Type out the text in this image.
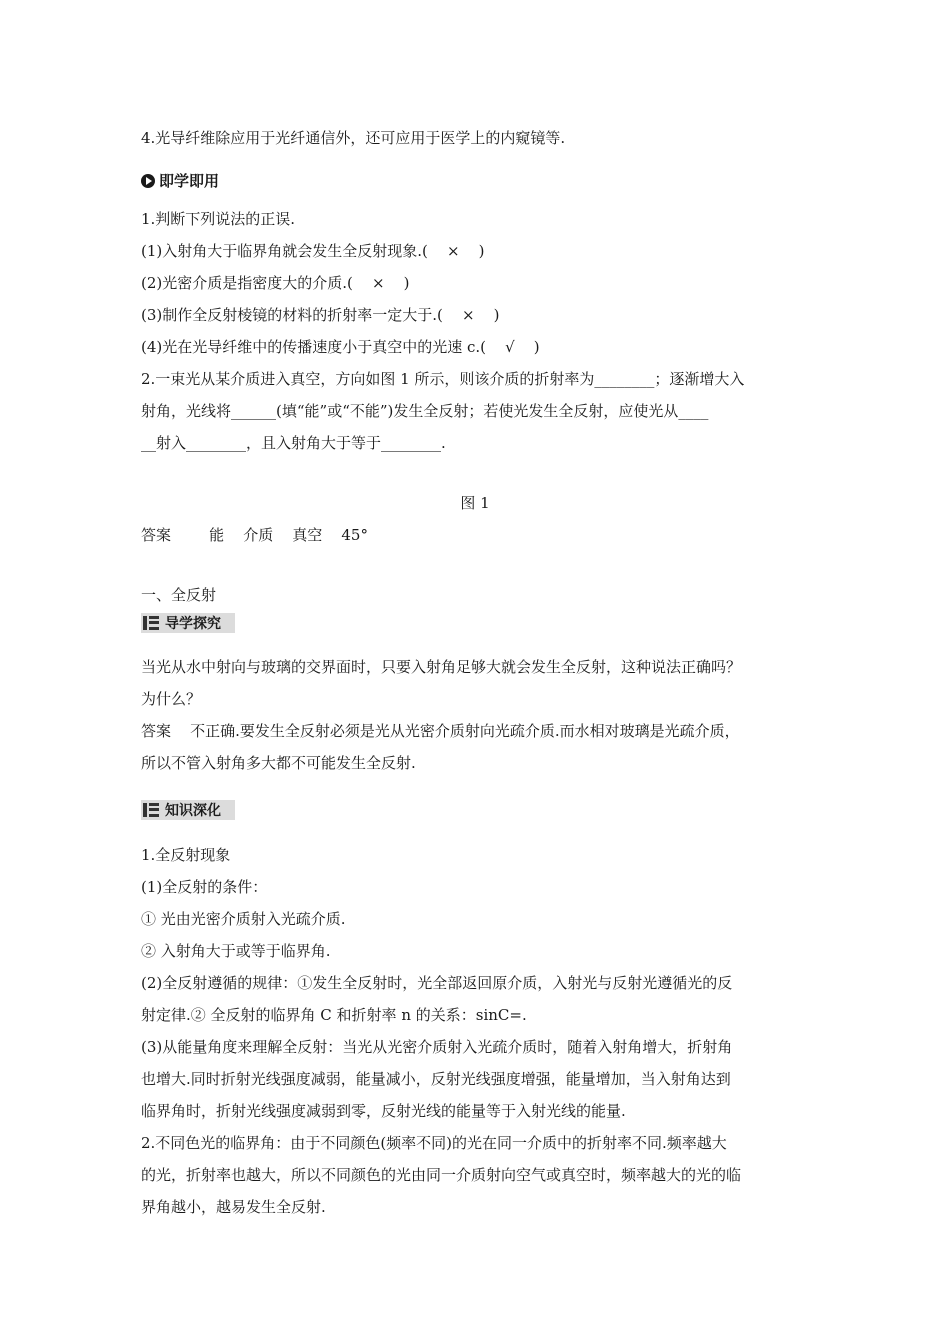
4.光导纤维除应用于光纤通信外，还可应用于医学上的内窥镜等.
即学即用
1.判断下列说法的正误.
(1)入射角大于临界角就会发生全反射现象.(    ×    )
(2)光密介质是指密度大的介质.(    ×    )
(3)制作全反射棱镜的材料的折射率一定大于.(    ×    )
(4)光在光导纤维中的传播速度小于真空中的光速 c.(    √    )
2.一束光从某介质进入真空，方向如图 1 所示，则该介质的折射率为________；逐渐增大入
射角，光线将______(填“能”或“不能”)发生全反射；若使光发生全反射，应使光从____
__射入________，且入射角大于等于________.
图 1
答案        能    介质    真空    45°
一、全反射
导学探究
当光从水中射向与玻璃的交界面时，只要入射角足够大就会发生全反射，这种说法正确吗？
为什么？
答案    不正确.要发生全反射必须是光从光密介质射向光疏介质.而水相对玻璃是光疏介质，
所以不管入射角多大都不可能发生全反射.
知识深化
1.全反射现象
(1)全反射的条件：
① 光由光密介质射入光疏介质.
② 入射角大于或等于临界角.
(2)全反射遵循的规律：①发生全反射时，光全部返回原介质，入射光与反射光遵循光的反
射定律.② 全反射的临界角 C 和折射率 n 的关系：sinC=.
(3)从能量角度来理解全反射：当光从光密介质射入光疏介质时，随着入射角增大，折射角
也增大.同时折射光线强度减弱，能量减小，反射光线强度增强，能量增加，当入射角达到
临界角时，折射光线强度减弱到零，反射光线的能量等于入射光线的能量.
2.不同色光的临界角：由于不同颜色(频率不同)的光在同一介质中的折射率不同.频率越大
的光，折射率也越大，所以不同颜色的光由同一介质射向空气或真空时，频率越大的光的临
界角越小，越易发生全反射.
